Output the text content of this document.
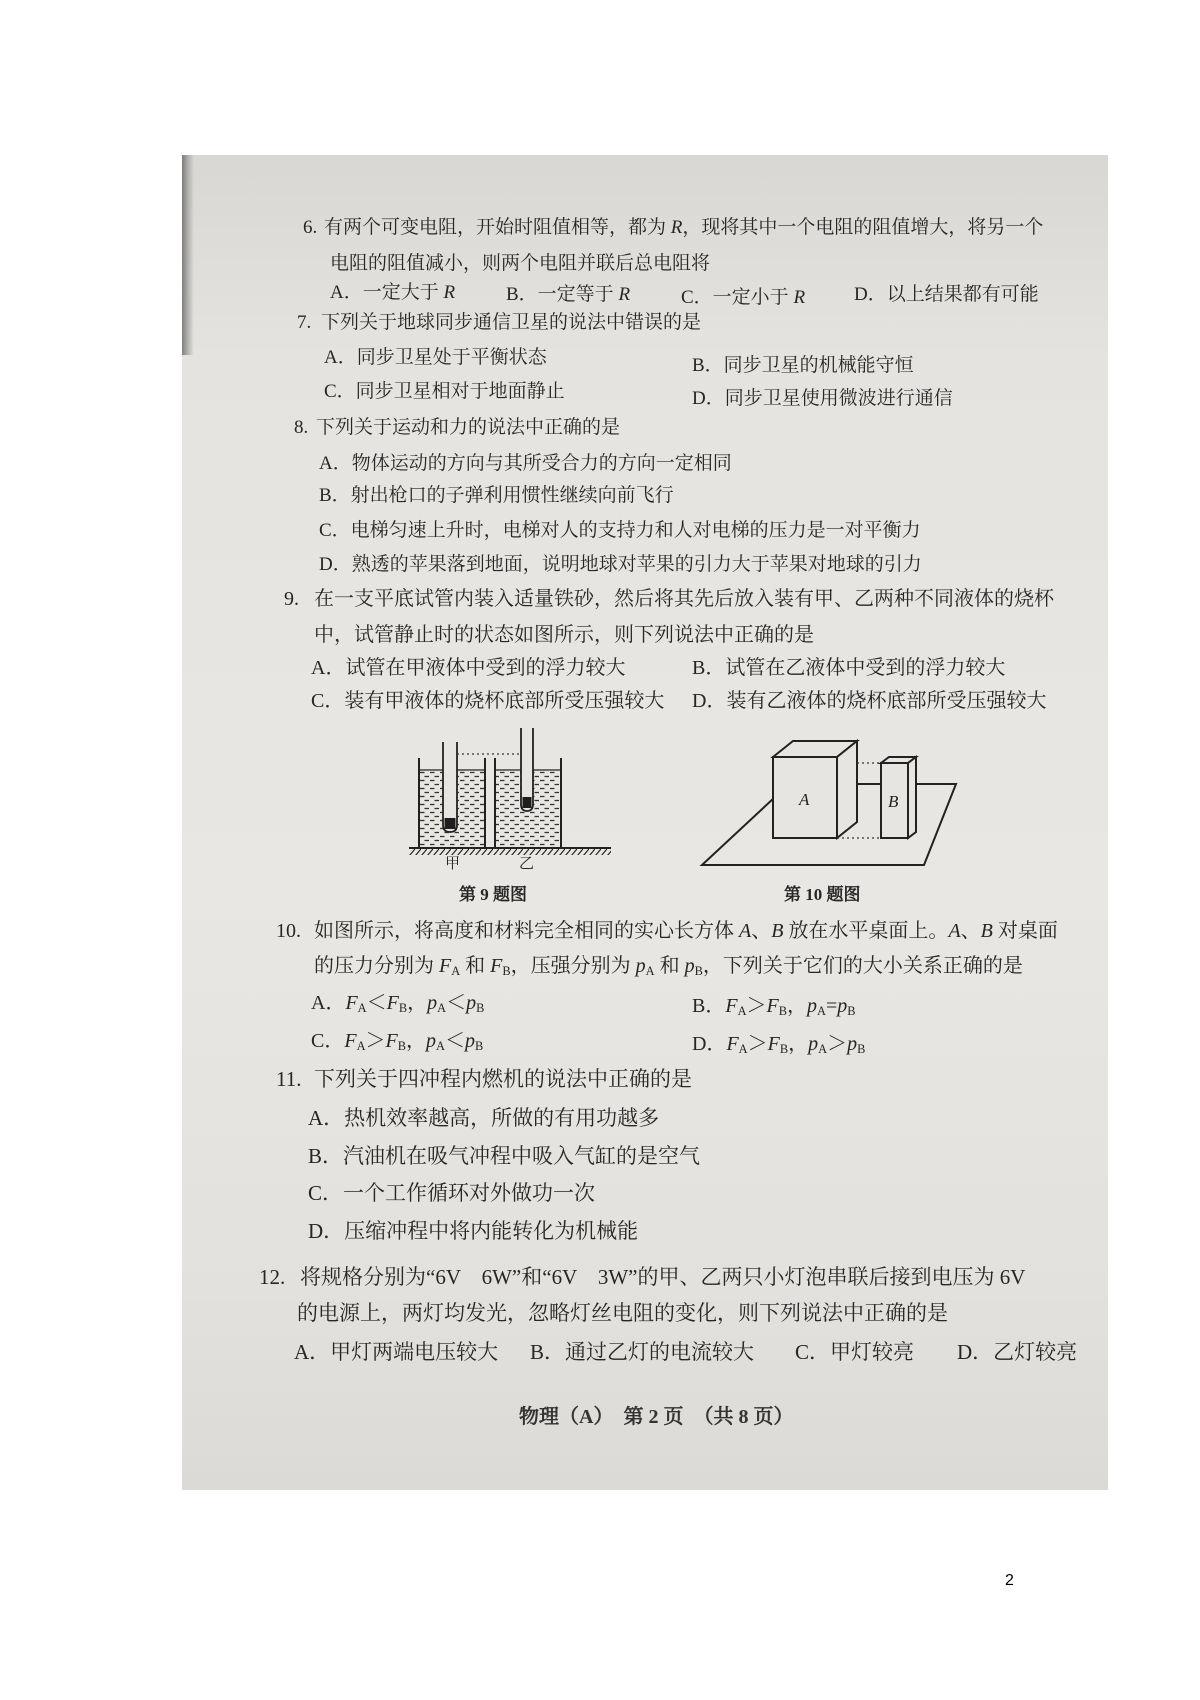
6. 有两个可变电阻，开始时阻值相等，都为 R，现将其中一个电阻的阻值增大，将另一个
电阻的阻值减小，则两个电阻并联后总电阻将
A．一定大于 R	B．一定等于 R	C．一定小于 R	D．以上结果都有可能
7. 下列关于地球同步通信卫星的说法中错误的是
A．同步卫星处于平衡状态	B．同步卫星的机械能守恒
C．同步卫星相对于地面静止	D．同步卫星使用微波进行通信
8. 下列关于运动和力的说法中正确的是
A．物体运动的方向与其所受合力的方向一定相同
B．射出枪口的子弹利用惯性继续向前飞行
C．电梯匀速上升时，电梯对人的支持力和人对电梯的压力是一对平衡力
D．熟透的苹果落到地面，说明地球对苹果的引力大于苹果对地球的引力
9. 在一支平底试管内装入适量铁砂，然后将其先后放入装有甲、乙两种不同液体的烧杯
中，试管静止时的状态如图所示，则下列说法中正确的是
A．试管在甲液体中受到的浮力较大	B．试管在乙液体中受到的浮力较大
C．装有甲液体的烧杯底部所受压强较大 D．装有乙液体的烧杯底部所受压强较大
甲	乙
第 9 题图
A	B
第 10 题图
10. 如图所示，将高度和材料完全相同的实心长方体 A、B 放在水平桌面上。A、B 对桌面
的压力分别为 $F_A$ 和 $F_B$，压强分别为 $p_A$ 和 $p_B$，下列关于它们的大小关系正确的是
A．$F_A<F_B$，$p_A<p_B$	B．$F_A>F_B$，$p_A=p_B$
C．$F_A>F_B$，$p_A<p_B$	D．$F_A>F_B$，$p_A>p_B$
11. 下列关于四冲程内燃机的说法中正确的是
A．热机效率越高，所做的有用功越多
B．汽油机在吸气冲程中吸入气缸的是空气
C．一个工作循环对外做功一次
D．压缩冲程中将内能转化为机械能
12. 将规格分别为“6V　6W”和“6V　3W”的甲、乙两只小灯泡串联后接到电压为 6V
的电源上，两灯均发光，忽略灯丝电阻的变化，则下列说法中正确的是
A．甲灯两端电压较大 B．通过乙灯的电流较大 C．甲灯较亮 D．乙灯较亮
物理（A）　第 2 页　（共 8 页）
2
